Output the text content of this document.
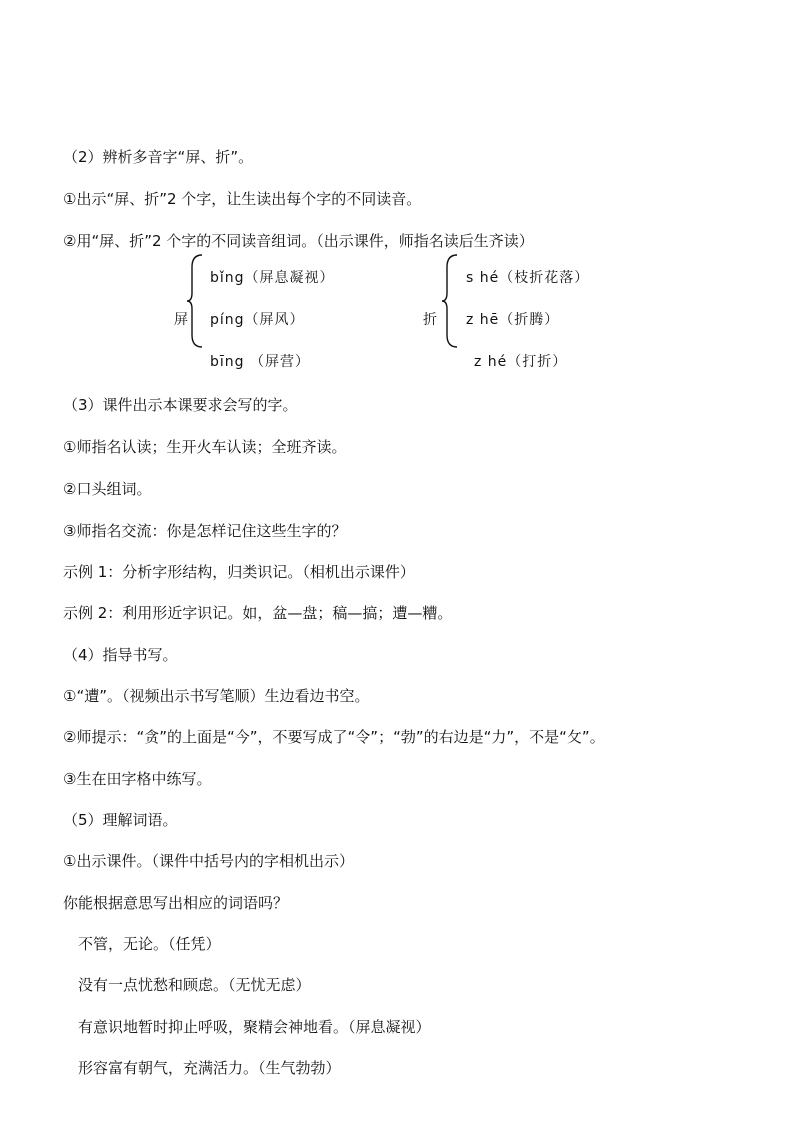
（2）辨析多音字“屏、折”。
①出示“屏、折”2 个字，让生读出每个字的不同读音。
②用“屏、折”2 个字的不同读音组词。（出示课件，师指名读后生齐读）
屏
bǐng（屏息凝视）
píng（屏风）
bīng （屏营）
折
s hé（枝折花落）
z hē（折腾）
z hé（打折）
（3）课件出示本课要求会写的字。
①师指名认读；生开火车认读；全班齐读。
②口头组词。
③师指名交流：你是怎样记住这些生字的？
示例 1：分析字形结构，归类识记。（相机出示课件）
示例 2：利用形近字识记。如，盆—盘；稿—搞；遭—糟。
（4）指导书写。
①“遭”。（视频出示书写笔顺）生边看边书空。
②师提示：“贪”的上面是“今”，不要写成了“令”；“勃”的右边是“力”，不是“攵”。
③生在田字格中练写。
（5）理解词语。
①出示课件。（课件中括号内的字相机出示）
你能根据意思写出相应的词语吗？
不管，无论。（任凭）
没有一点忧愁和顾虑。（无忧无虑）
有意识地暂时抑止呼吸，聚精会神地看。（屏息凝视）
形容富有朝气，充满活力。（生气勃勃）
